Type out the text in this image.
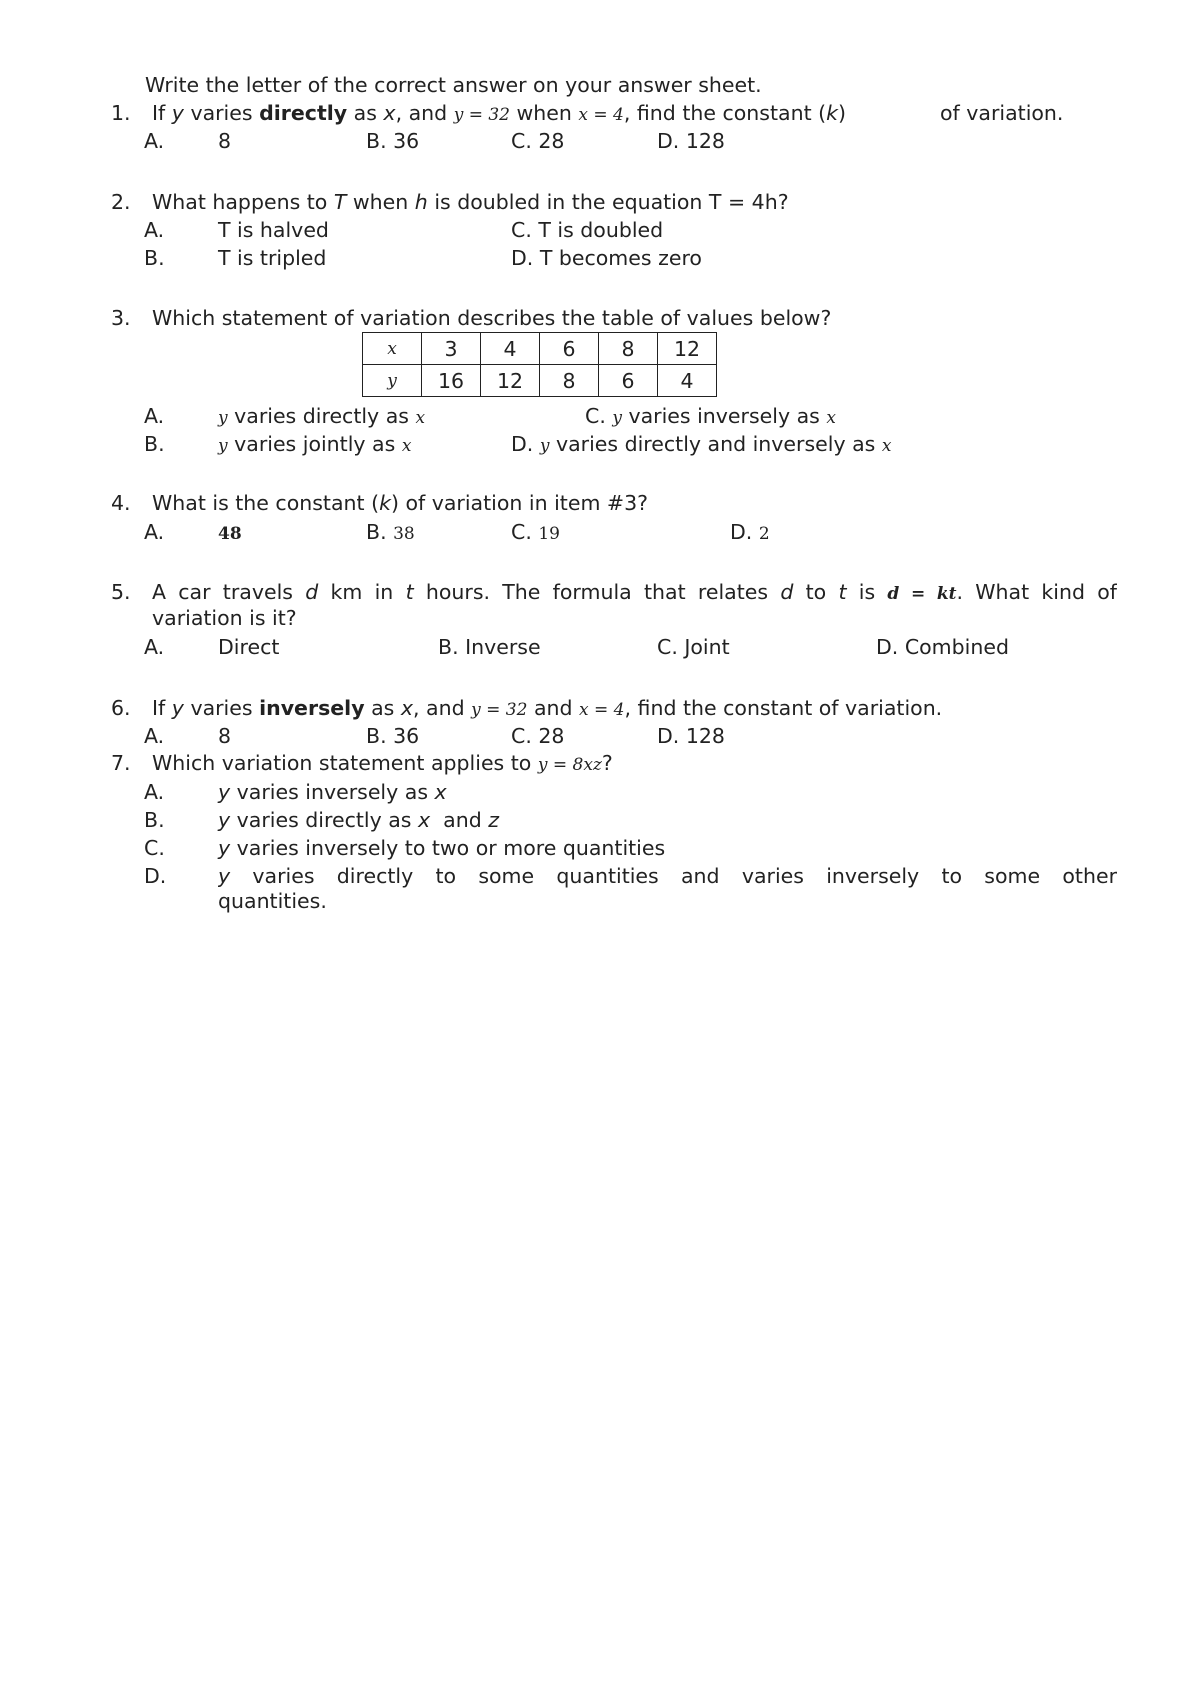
Write the letter of the correct answer on your answer sheet.
1. If y varies directly as x, and y = 32 when x = 4, find the constant (k)	of variation.
A.	8	B. 36	C. 28	D. 128
2. What happens to T when h is doubled in the equation T = 4h?
A.	T is halved	C. T is doubled
B.	T is tripled	D. T becomes zero
3. Which statement of variation describes the table of values below?
x	3	4	6	8	12
y	16	12	8	6	4
A.	y varies directly as x	C. y varies inversely as x
B.	y varies jointly as x	D. y varies directly and inversely as x
4. What is the constant (k) of variation in item #3?
A.	48	B. 38	C. 19	D. 2
5. A car travels d km in t hours. The formula that relates d to t is d = kt. What kind of
variation is it?
A.	Direct	B. Inverse	C. Joint	D. Combined
6. If y varies inversely as x, and y = 32 and x = 4, find the constant of variation.
A.	8	B. 36	C. 28	D. 128
7. Which variation statement applies to y = 8xz?
A.	y varies inversely as x
B.	y varies directly as x  and z
C.	y varies inversely to two or more quantities
D.	y varies directly to some quantities and varies inversely to some other
quantities.
